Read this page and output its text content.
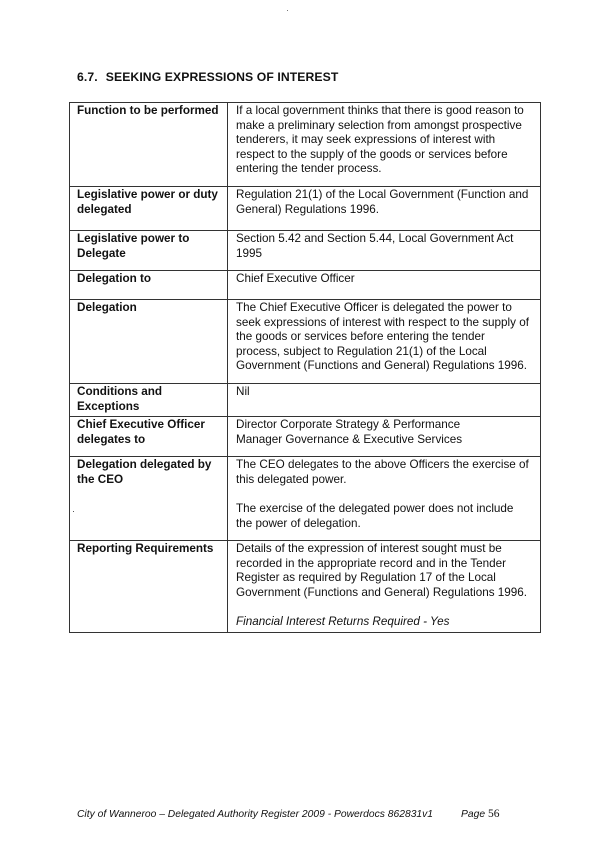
6.7. SEEKING EXPRESSIONS OF INTEREST
Function to be performed	If a local government thinks that there is good reason to make a preliminary selection from amongst prospective tenderers, it may seek expressions of interest with respect to the supply of the goods or services before entering the tender process.

Legislative power or duty delegated	Regulation 21(1) of the Local Government (Function and General) Regulations 1996.

Legislative power to Delegate	Section 5.42 and Section 5.44, Local Government Act 1995

Delegation to	Chief Executive Officer

Delegation	The Chief Executive Officer is delegated the power to seek expressions of interest with respect to the supply of the goods or services before entering the tender process, subject to Regulation 21(1) of the Local Government (Functions and General) Regulations 1996.

Conditions and Exceptions	Nil

Chief Executive Officer delegates to	Director Corporate Strategy & Performance
Manager Governance & Executive Services

Delegation delegated by the CEO	The CEO delegates to the above Officers the exercise of this delegated power.
The exercise of the delegated power does not include the power of delegation.

Reporting Requirements	Details of the expression of interest sought must be recorded in the appropriate record and in the Tender Register as required by Regulation 17 of the Local Government (Functions and General) Regulations 1996.
Financial Interest Returns Required - Yes
City of Wanneroo – Delegated Authority Register 2009 - Powerdocs 862831v1	Page 56
